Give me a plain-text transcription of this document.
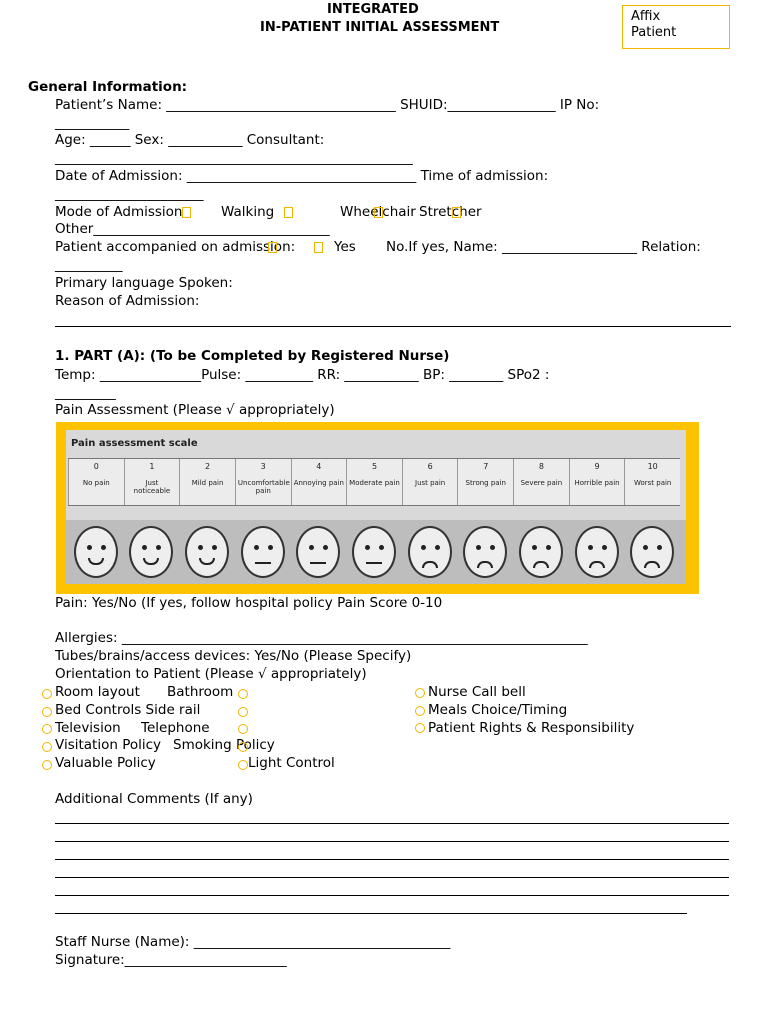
INTEGRATED
IN-PATIENT INITIAL ASSESSMENT
Affix
Patient
General Information:
Patient’s Name: __________________________________ SHUID:________________ IP No:
___________
Age: ______ Sex: ___________ Consultant:
_____________________________________________________
Date of Admission: __________________________________ Time of admission:
______________________
Mode of Admission	Walking	Wheelchair Stretcher
Other___________________________________
Patient accompanied on admission:	Yes No.If yes, Name: ____________________ Relation:
__________
Primary language Spoken:
Reason of Admission:
1. PART (A): (To be Completed by Registered Nurse)
Temp: _______________Pulse: __________ RR: ___________ BP: ________ SPo2 :
_________
Pain Assessment (Please √ appropriately)
Pain assessment scale
0
No pain
1
Just noticeable
2
Mild pain
3
Uncomfortable pain
4
Annoying pain
5
Moderate pain
6
Just pain
7
Strong pain
8
Severe pain
9
Horrible pain
10
Worst pain
Pain: Yes/No (If yes, follow hospital policy Pain Score 0-10
Allergies: _____________________________________________________________________
Tubes/brains/access devices: Yes/No (Please Specify)
Orientation to Patient (Please √ appropriately)
Room layout Bathroom	Nurse Call bell
Bed Controls Side rail	Meals Choice/Timing
Television Telephone	Patient Rights & Responsibility
Visitation Policy Smoking Policy
Valuable Policy	Light Control
Additional Comments (If any)
Staff Nurse (Name): ______________________________________
Signature:________________________
